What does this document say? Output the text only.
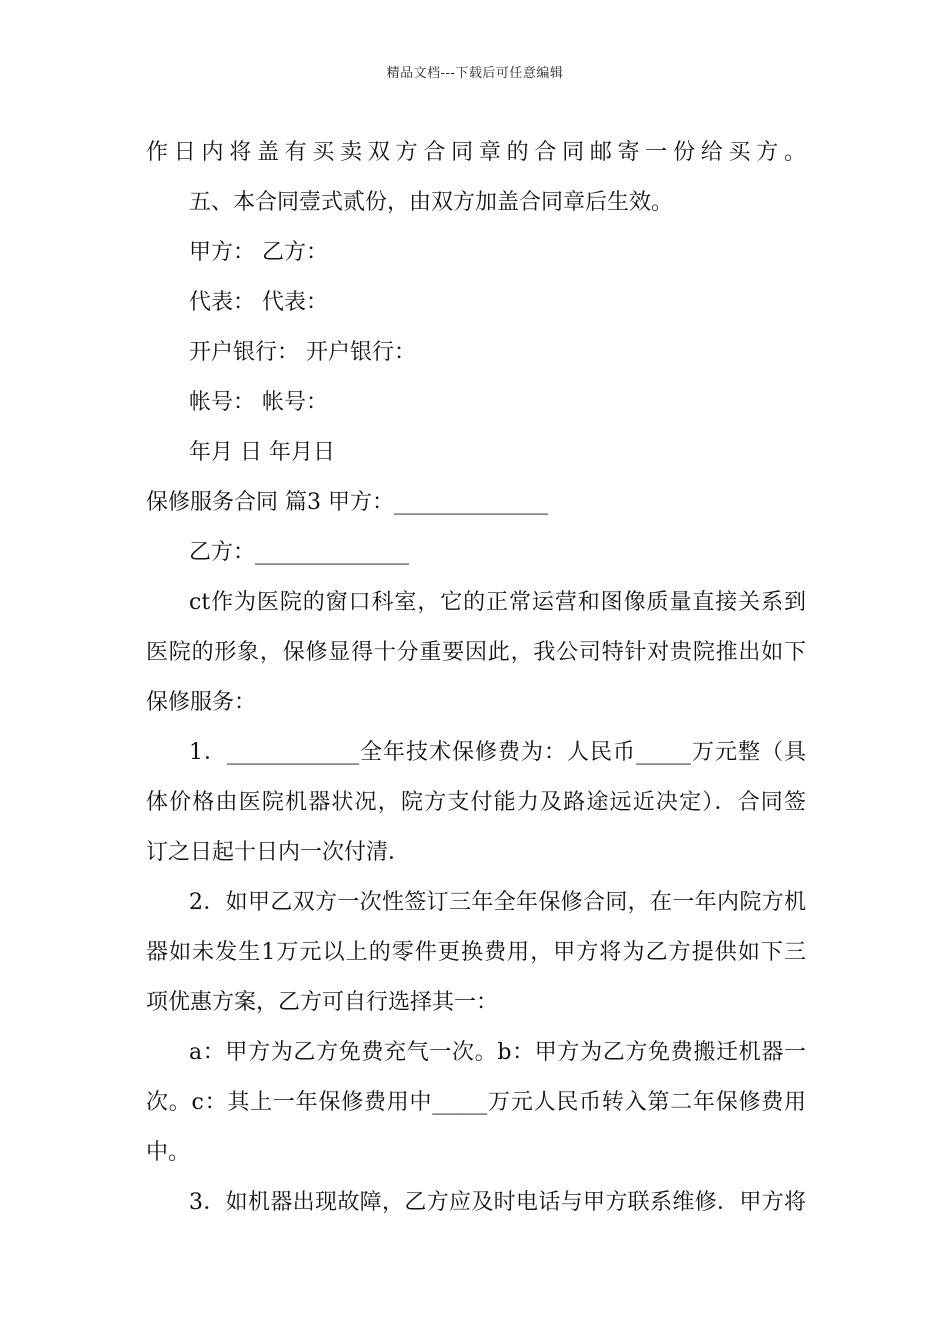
精品文档---下载后可任意编辑
作日内将盖有买卖双方合同章的合同邮寄一份给买方。
五、本合同壹式贰份，由双方加盖合同章后生效。
甲方： 乙方：
代表： 代表：
开户银行： 开户银行：
帐号： 帐号：
年月 日 年月日
保修服务合同 篇3 甲方：______________
乙方：______________
ct作为医院的窗口科室，它的正常运营和图像质量直接关系到
医院的形象，保修显得十分重要因此，我公司特针对贵院推出如下
保修服务：
1．____________全年技术保修费为：人民币_____万元整（具
体价格由医院机器状况，院方支付能力及路途远近决定）．合同签
订之日起十日内一次付清．
2．如甲乙双方一次性签订三年全年保修合同，在一年内院方机
器如未发生1万元以上的零件更换费用，甲方将为乙方提供如下三
项优惠方案，乙方可自行选择其一：
a：甲方为乙方免费充气一次。b：甲方为乙方免费搬迁机器一
次。c：其上一年保修费用中_____万元人民币转入第二年保修费用
中。
3．如机器出现故障，乙方应及时电话与甲方联系维修．甲方将
